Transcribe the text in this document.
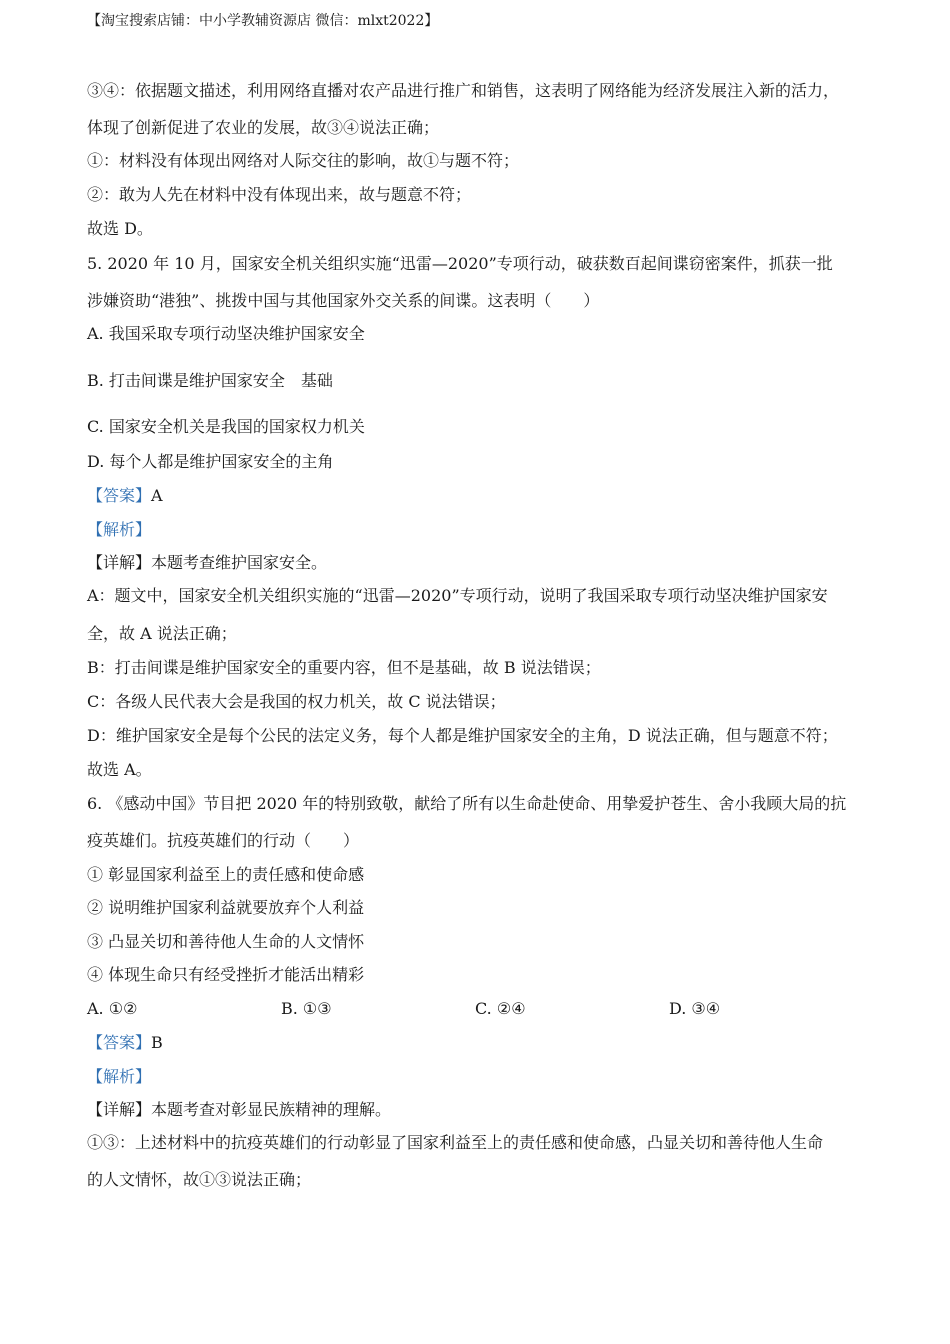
【淘宝搜索店铺：中小学教辅资源店 微信：mlxt2022】
③④：依据题文描述，利用网络直播对农产品进行推广和销售，这表明了网络能为经济发展注入新的活力，
体现了创新促进了农业的发展，故③④说法正确；
①：材料没有体现出网络对人际交往的影响，故①与题不符；
②：敢为人先在材料中没有体现出来，故与题意不符；
故选 D。
5. 2020 年 10 月，国家安全机关组织实施“迅雷—2020”专项行动，破获数百起间谍窃密案件，抓获一批
涉嫌资助“港独”、挑拨中国与其他国家外交关系的间谍。这表明（　　）
A. 我国采取专项行动坚决维护国家安全
B. 打击间谍是维护国家安全　基础
C. 国家安全机关是我国的国家权力机关
D. 每个人都是维护国家安全的主角
【答案】A
【解析】
【详解】本题考查维护国家安全。
A：题文中，国家安全机关组织实施的“迅雷—2020”专项行动，说明了我国采取专项行动坚决维护国家安
全，故 A 说法正确；
B：打击间谍是维护国家安全的重要内容，但不是基础，故 B 说法错误；
C：各级人民代表大会是我国的权力机关，故 C 说法错误；
D：维护国家安全是每个公民的法定义务，每个人都是维护国家安全的主角，D 说法正确，但与题意不符；
故选 A。
6. 《感动中国》节目把 2020 年的特别致敬，献给了所有以生命赴使命、用挚爱护苍生、舍小我顾大局的抗
疫英雄们。抗疫英雄们的行动（　　）
① 彰显国家利益至上的责任感和使命感
② 说明维护国家利益就要放弃个人利益
③ 凸显关切和善待他人生命的人文情怀
④ 体现生命只有经受挫折才能活出精彩
A. ①②	B. ①③	C. ②④	D. ③④
【答案】B
【解析】
【详解】本题考查对彰显民族精神的理解。
①③：上述材料中的抗疫英雄们的行动彰显了国家利益至上的责任感和使命感，凸显关切和善待他人生命
的人文情怀，故①③说法正确；
